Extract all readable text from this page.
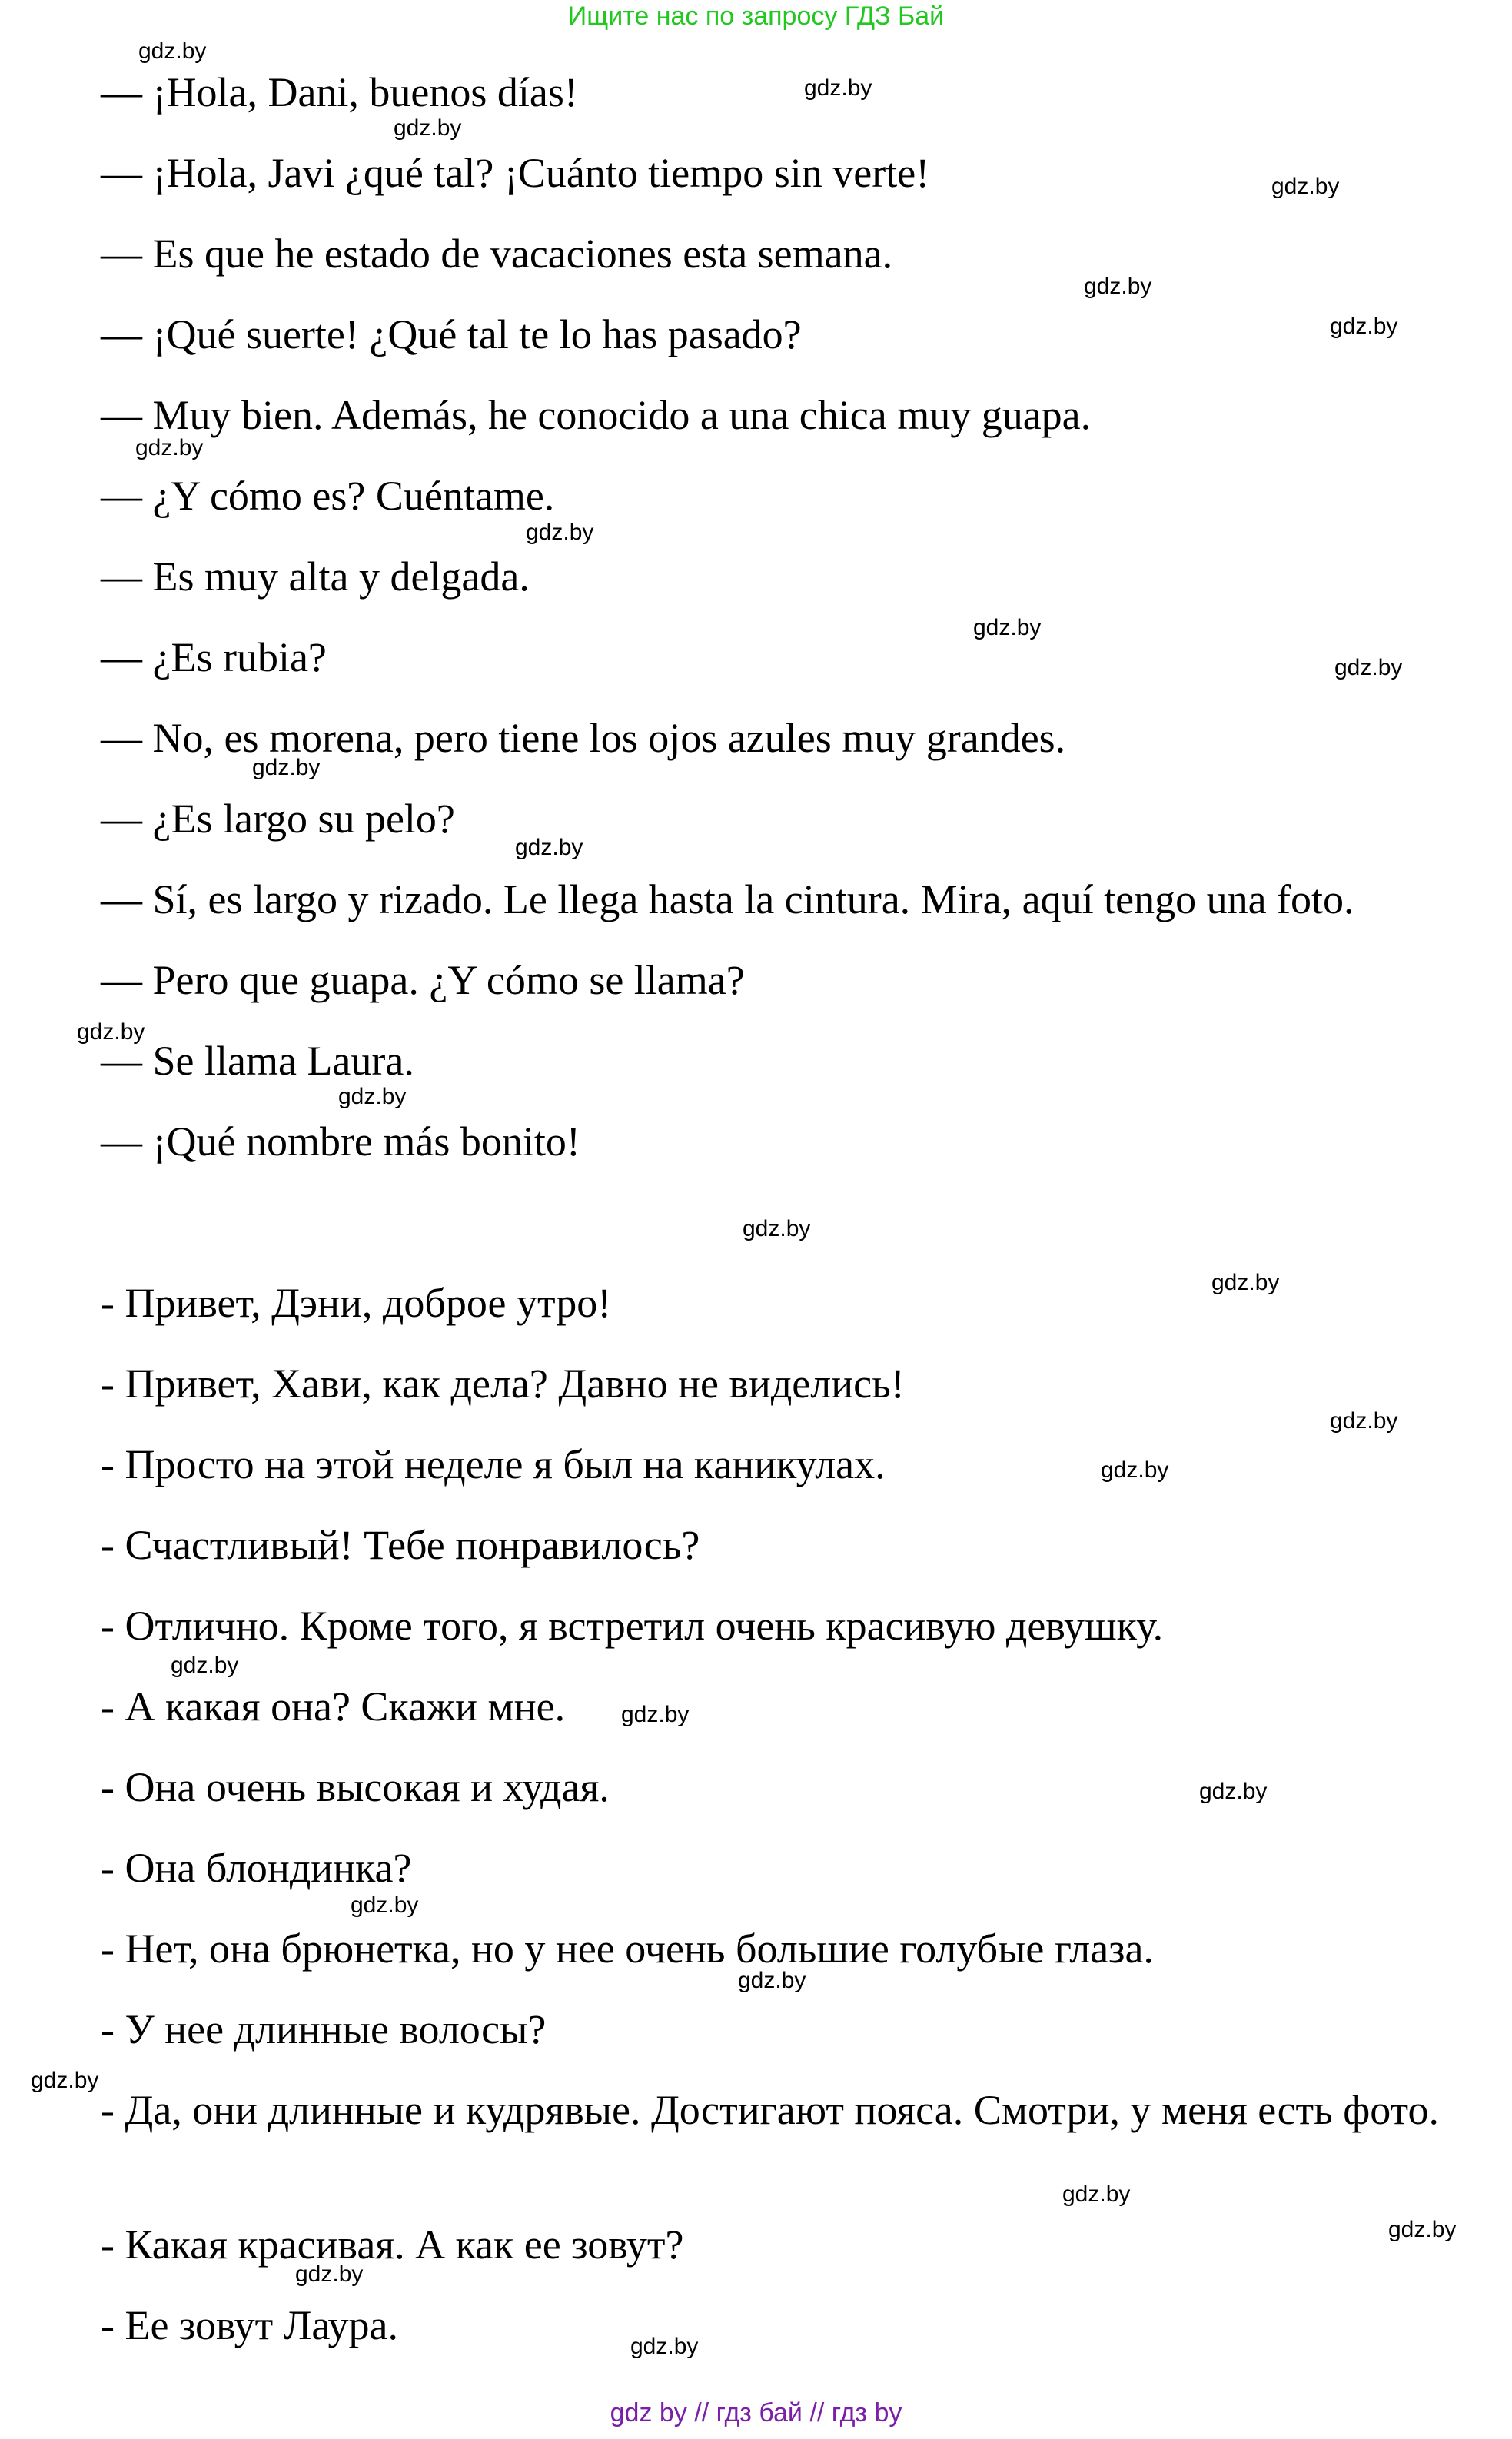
Ищите нас по запросу ГДЗ Бай
— ¡Hola, Dani, buenos días!
— ¡Hola, Javi ¿qué tal? ¡Cuánto tiempo sin verte!
— Es que he estado de vacaciones esta semana.
— ¡Qué suerte! ¿Qué tal te lo has pasado?
— Muy bien. Además, he conocido a una chica muy guapa.
— ¿Y cómo es? Cuéntame.
— Es muy alta y delgada.
— ¿Es rubia?
— No, es morena, pero tiene los ojos azules muy grandes.
— ¿Es largo su pelo?
— Sí, es largo y rizado. Le llega hasta la cintura. Mira, aquí tengo una foto.
— Pero que guapa. ¿Y cómo se llama?
— Se llama Laura.
— ¡Qué nombre más bonito!
- Привет, Дэни, доброе утро!
- Привет, Хави, как дела? Давно не виделись!
- Просто на этой неделе я был на каникулах.
- Счастливый! Тебе понравилось?
- Отлично. Кроме того, я встретил очень красивую девушку.
- А какая она? Скажи мне.
- Она очень высокая и худая.
- Она блондинка?
- Нет, она брюнетка, но у нее очень большие голубые глаза.
- У нее длинные волосы?
- Да, они длинные и кудрявые. Достигают пояса. Смотри, у меня есть фото.
- Какая красивая. А как ее зовут?
- Ее зовут Лаура.
gdz.by
gdz.by
gdz.by
gdz.by
gdz.by
gdz.by
gdz.by
gdz.by
gdz.by
gdz.by
gdz.by
gdz.by
gdz.by
gdz.by
gdz.by
gdz.by
gdz.by
gdz.by
gdz.by
gdz.by
gdz.by
gdz.by
gdz.by
gdz.by
gdz.by
gdz.by
gdz.by
gdz.by
gdz by // гдз бай // гдз by
